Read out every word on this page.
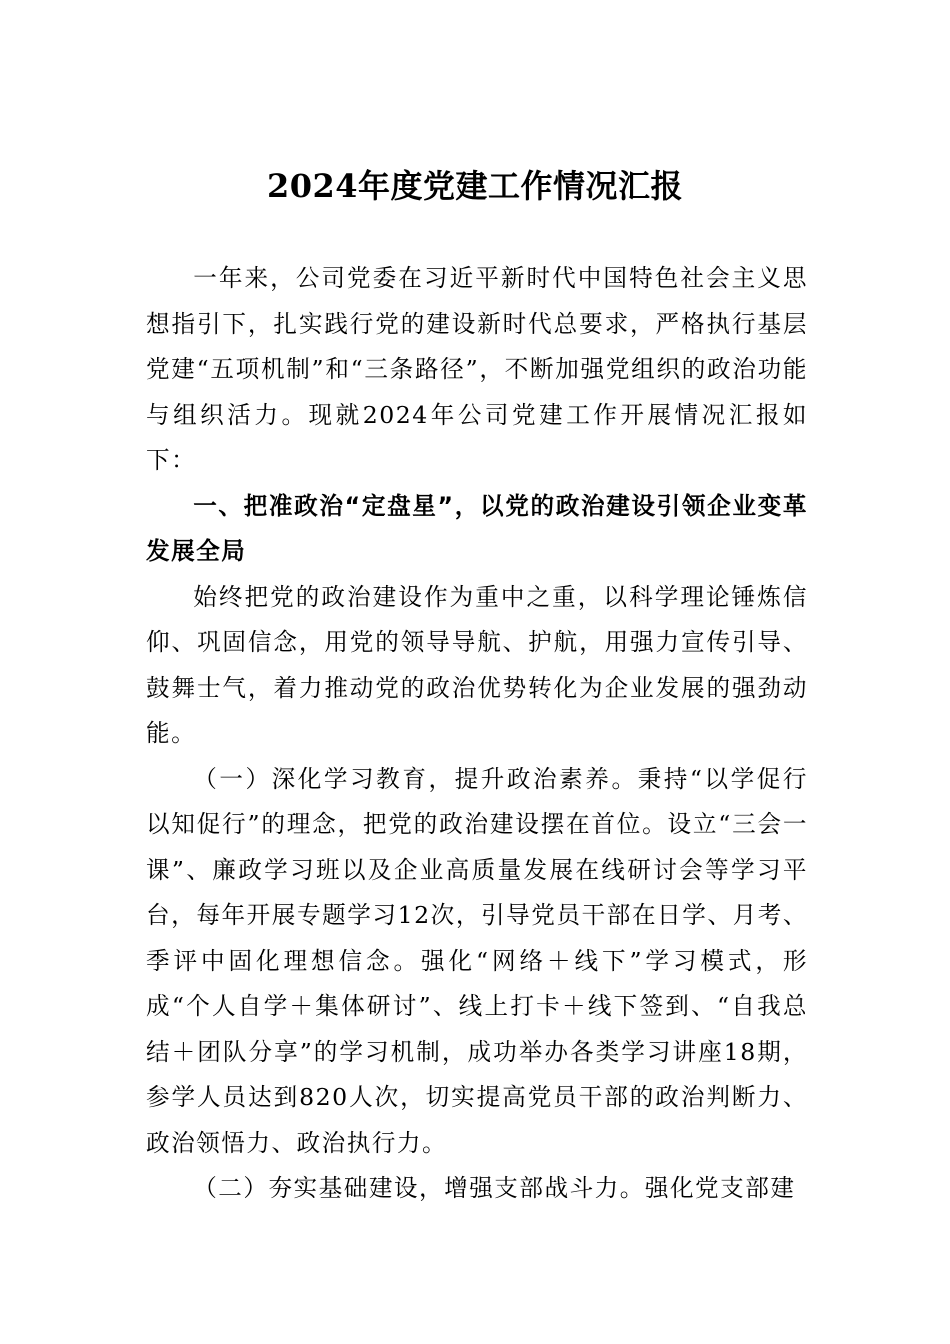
2024年度党建工作情况汇报

一年来，公司党委在习近平新时代中国特色社会主义思想指引下，扎实践行党的建设新时代总要求，严格执行基层党建“五项机制”和“三条路径”，不断加强党组织的政治功能与组织活力。现就2024年公司党建工作开展情况汇报如下：

一、把准政治“定盘星”，以党的政治建设引领企业变革发展全局

始终把党的政治建设作为重中之重，以科学理论锤炼信仰、巩固信念，用党的领导导航、护航，用强力宣传引导、鼓舞士气，着力推动党的政治优势转化为企业发展的强劲动能。

（一）深化学习教育，提升政治素养。秉持“以学促行以知促行”的理念，把党的政治建设摆在首位。设立“三会一课”、廉政学习班以及企业高质量发展在线研讨会等学习平台，每年开展专题学习12次，引导党员干部在日学、月考、季评中固化理想信念。强化“网络＋线下”学习模式，形成“个人自学＋集体研讨”、线上打卡＋线下签到、“自我总结＋团队分享”的学习机制，成功举办各类学习讲座18期，参学人员达到820人次，切实提高党员干部的政治判断力、政治领悟力、政治执行力。

（二）夯实基础建设，增强支部战斗力。强化党支部建
